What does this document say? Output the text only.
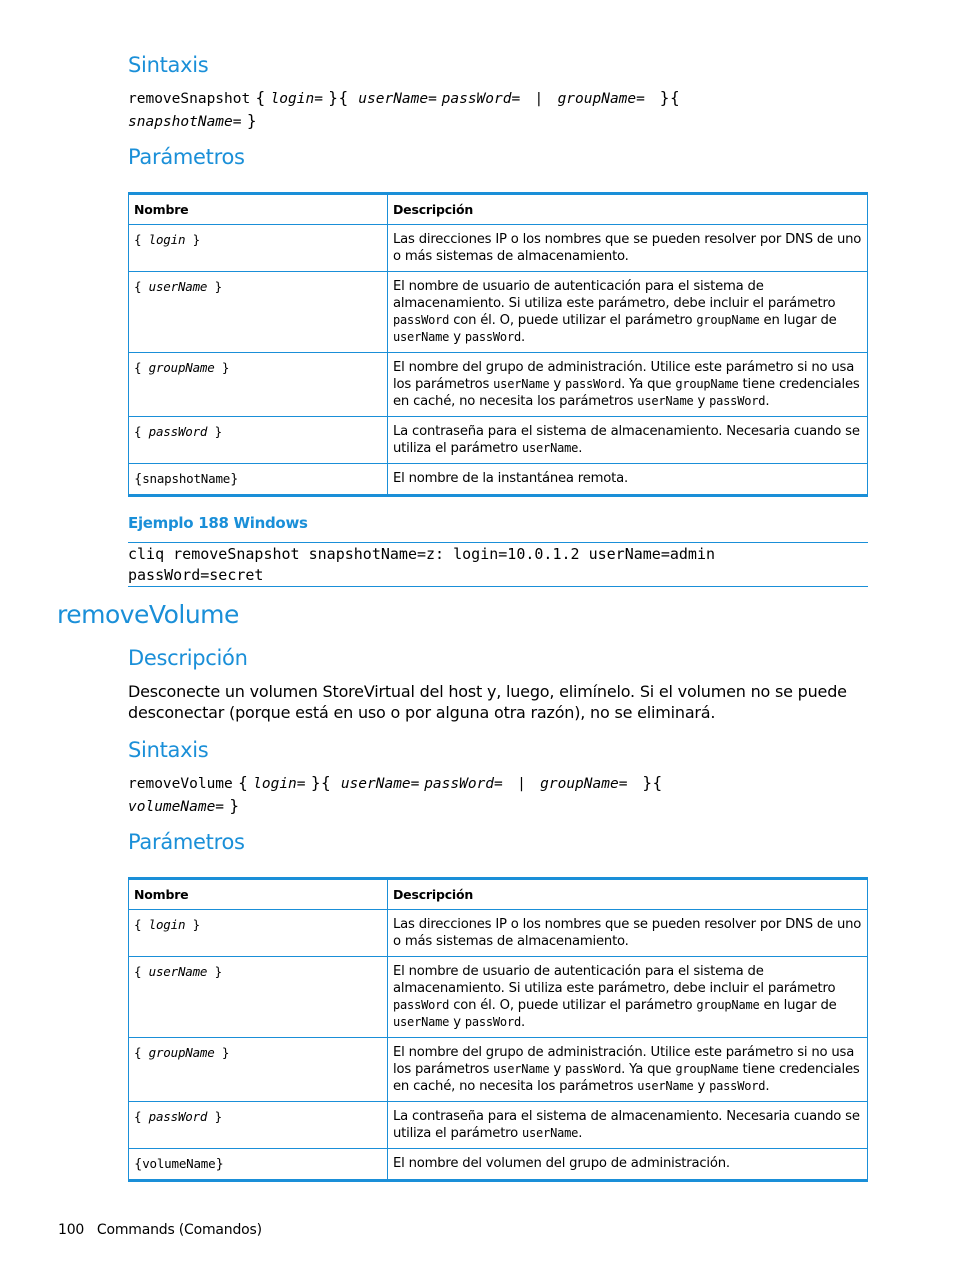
Sintaxis
removeSnapshot { login= }{  userName= passWord= | groupName=   }{
snapshotName= }
Parámetros
Nombre	Descripción
{ login }	Las direcciones IP o los nombres que se pueden resolver por DNS de uno o más sistemas de almacenamiento.
{ userName }	El nombre de usuario de autenticación para el sistema de almacenamiento. Si utiliza este parámetro, debe incluir el parámetro passWord con él. O, puede utilizar el parámetro groupName en lugar de userName y passWord.
{ groupName }	El nombre del grupo de administración. Utilice este parámetro si no usa los parámetros userName y passWord. Ya que groupName tiene credenciales en caché, no necesita los parámetros userName y passWord.
{ passWord }	La contraseña para el sistema de almacenamiento. Necesaria cuando se utiliza el parámetro userName.
{snapshotName}	El nombre de la instantánea remota.
Ejemplo 188 Windows
cliq removeSnapshot snapshotName=z: login=10.0.1.2 userName=admin
passWord=secret
removeVolume
Descripción
Desconecte un volumen StoreVirtual del host y, luego, elimínelo. Si el volumen no se puede desconectar (porque está en uso o por alguna otra razón), no se eliminará.
Sintaxis
removeVolume { login= }{  userName= passWord= | groupName=   }{
volumeName= }
Parámetros
Nombre	Descripción
{ login }	Las direcciones IP o los nombres que se pueden resolver por DNS de uno o más sistemas de almacenamiento.
{ userName }	El nombre de usuario de autenticación para el sistema de almacenamiento. Si utiliza este parámetro, debe incluir el parámetro passWord con él. O, puede utilizar el parámetro groupName en lugar de userName y passWord.
{ groupName }	El nombre del grupo de administración. Utilice este parámetro si no usa los parámetros userName y passWord. Ya que groupName tiene credenciales en caché, no necesita los parámetros userName y passWord.
{ passWord }	La contraseña para el sistema de almacenamiento. Necesaria cuando se utiliza el parámetro userName.
{volumeName}	El nombre del volumen del grupo de administración.
100 Commands (Comandos)
